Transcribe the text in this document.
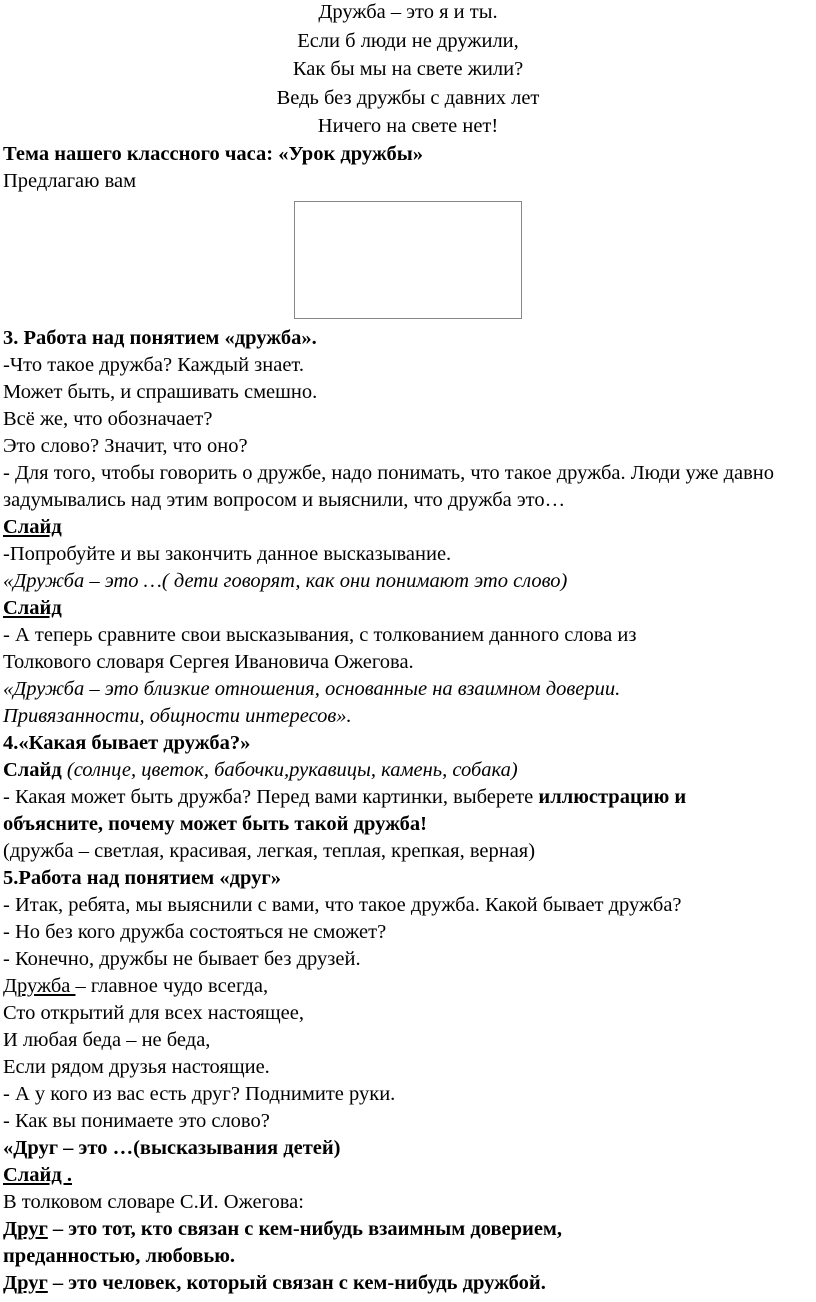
Дружба – это я и ты.
Если б люди не дружили,
Как бы мы на свете жили?
Ведь без дружбы с давних лет
Ничего на свете нет!
Тема нашего классного часа: «Урок дружбы»
Предлагаю вам
3. Работа над понятием «дружба».
-Что такое дружба? Каждый знает.
Может быть, и спрашивать смешно.
Всё же, что обозначает?
Это слово? Значит, что оно?
- Для того, чтобы говорить о дружбе, надо понимать, что такое дружба. Люди уже давно задумывались над этим вопросом и выяснили, что дружба это…
Слайд
-Попробуйте и вы закончить данное высказывание.
«Дружба – это …( дети говорят, как они понимают это слово)
Слайд
- А теперь сравните свои высказывания, с толкованием данного слова из
Толкового словаря Сергея Ивановича Ожегова.
«Дружба – это близкие отношения, основанные на взаимном доверии.
Привязанности, общности интересов».
4.«Какая бывает дружба?»
Слайд (солнце, цветок, бабочки,рукавицы, камень, собака)
- Какая может быть дружба? Перед вами картинки, выберете иллюстрацию и
объясните, почему может быть такой дружба!
(дружба – светлая, красивая, легкая, теплая, крепкая, верная)
5.Работа над понятием «друг»
- Итак, ребята, мы выяснили с вами, что такое дружба. Какой бывает дружба?
- Но без кого дружба состояться не сможет?
- Конечно, дружбы не бывает без друзей.
Дружба – главное чудо всегда,
Сто открытий для всех настоящее,
И любая беда – не беда,
Если рядом друзья настоящие.
- А у кого из вас есть друг? Поднимите руки.
- Как вы понимаете это слово?
«Друг – это …(высказывания детей)
Слайд .
В толковом словаре С.И. Ожегова:
Друг – это тот, кто связан с кем-нибудь взаимным доверием,
преданностью, любовью.
Друг – это человек, который связан с кем-нибудь дружбой.
